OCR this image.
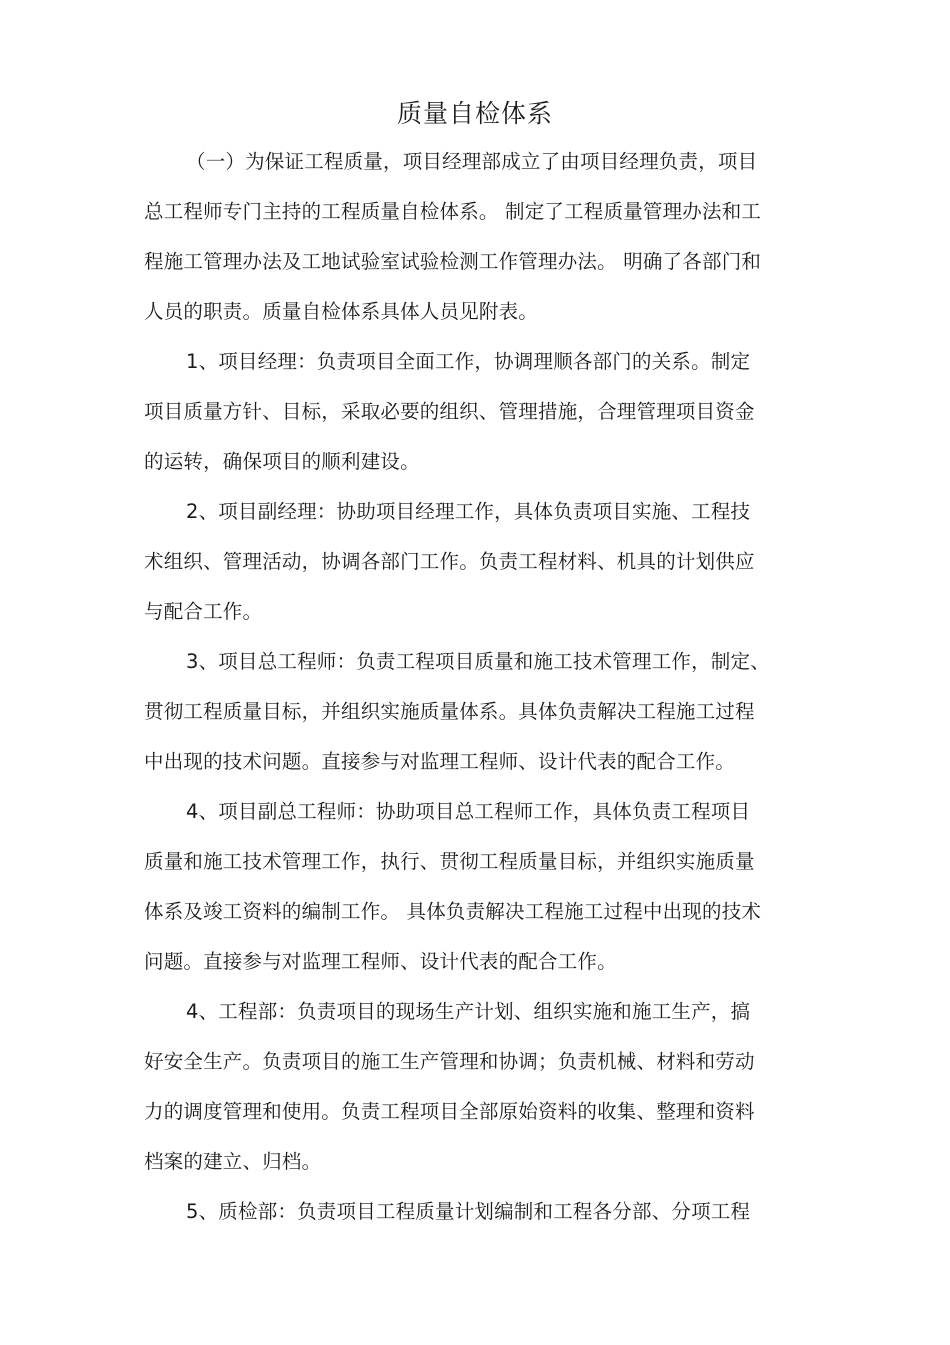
质量自检体系
（一）为保证工程质量，项目经理部成立了由项目经理负责，项目
总工程师专门主持的工程质量自检体系。 制定了工程质量管理办法和工
程施工管理办法及工地试验室试验检测工作管理办法。 明确了各部门和
人员的职责。质量自检体系具体人员见附表。
1、项目经理：负责项目全面工作，协调理顺各部门的关系。制定
项目质量方针、目标，采取必要的组织、管理措施，合理管理项目资金
的运转，确保项目的顺利建设。
2、项目副经理：协助项目经理工作，具体负责项目实施、工程技
术组织、管理活动，协调各部门工作。负责工程材料、机具的计划供应
与配合工作。
3、项目总工程师：负责工程项目质量和施工技术管理工作，制定、
贯彻工程质量目标，并组织实施质量体系。具体负责解决工程施工过程
中出现的技术问题。直接参与对监理工程师、设计代表的配合工作。
4、项目副总工程师：协助项目总工程师工作，具体负责工程项目
质量和施工技术管理工作，执行、贯彻工程质量目标，并组织实施质量
体系及竣工资料的编制工作。 具体负责解决工程施工过程中出现的技术
问题。直接参与对监理工程师、设计代表的配合工作。
4、工程部：负责项目的现场生产计划、组织实施和施工生产，搞
好安全生产。负责项目的施工生产管理和协调；负责机械、材料和劳动
力的调度管理和使用。负责工程项目全部原始资料的收集、整理和资料
档案的建立、归档。
5、质检部：负责项目工程质量计划编制和工程各分部、分项工程
